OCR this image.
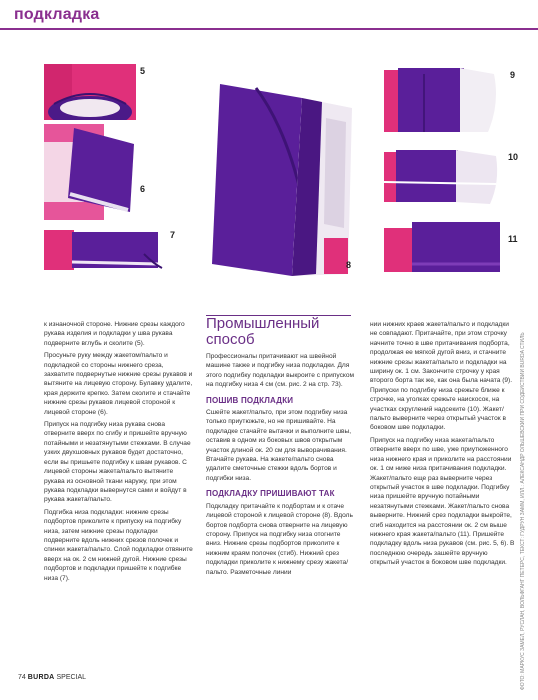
подкладка
5
6
7
8
9
10
11

к изнаночной стороне. Нижние срезы каждого рукава изделия и подкладки у шва рукава подверните вглубь и сколите (5).

Просуньте руку между жакетом/пальто и подкладкой со стороны нижнего среза, захватите подвернутые нижние срезы рукавов и вытяните на лицевую сторону. Булавку удалите, края держите крепко. Затем сколите и стачайте нижние срезы рукавов лицевой стороной к лицевой стороне (6).

Припуск на подгибку низа рукава снова отверните вверх по сгибу и пришейте вручную потайными и незатянутыми стежками. В случае узких двухшовных рукавов будет достаточно, если вы пришьете подгибку к швам рукавов. С лицевой стороны жакета/пальто вытяните рукава из основной ткани наружу, при этом рукава подкладки вывернутся сами и войдут в рукава жакета/пальто.

Подгибка низа подкладки: нижние срезы подбортов приколите к припуску на подгибку низа, затем нижние срезы подкладки подверните вдоль нижних срезов полочек и спинки жакета/пальто. Слой подкладки отвяните вверх на ок. 2 см нижней дугой. Нижние срезы подбортов и подкладки пришейте к подгибке низа (7).

Промышленный способ

Профессионалы притачивают на швейной машине также и подгибку низа подкладки. Для этого подгибку подкладки выкроите с припуском на подгибку низа 4 см (см. рис. 2 на стр. 73).

ПОШИВ ПОДКЛАДКИ

Сшейте жакет/пальто, при этом подгибку низа только приутюжьте, но не пришивайте. На подкладке стачайте вытачки и выполните швы, оставив в одном из боковых швов открытым участок длиной ок. 20 см для выворачивания. Втачайте рукава. На жакете/пальто снова удалите сметочные стежки вдоль бортов и подгибки низа.

ПОДКЛАДКУ ПРИШИВАЮТ ТАК

Подкладку притачайте к подбортам и к отаче лицевой стороной к лицевой стороне (8). Вдоль бортов подборта снова отверните на лицевую сторону. Припуск на подгибку низа отогните вниз. Нижние срезы подбортов приколите к нижним краям полочек (стиб). Нижний срез подкладки приколите к нижнему срезу жакета/пальто. Разметочные линии

нии нижних краев жакета/пальто и подкладки не совпадают. Притачайте, при этом строчку начните точно в шве притачивания подборта, продолжая ее мягкой дугой вниз, и стачните нижние срезы жакета/пальто и подкладки на ширину ок. 1 см. Закончите строчку у края второго борта так же, как она была начата (9). Припуски по подгибку низа срежьте ближе к строчке, на уголках срежьте наискосок, на участках скруглений надсеките (10). Жакет/пальто выверните через открытый участок в боковом шве подкладки.

Припуск на подгибку низа жакета/пальто отверните вверх по шве, уже приутюженного низа нижнего края и приколите на расстоянии ок. 1 см ниже низа притачивания подкладки. Жакет/пальто еще раз выверните через открытый участок в шве подкладки. Подгибку низа пришейте вручную потайными незатянутыми стежками. Жакет/пальто снова выверните. Нижний срез подкладки выкройте, сгиб находится на расстоянии ок. 2 см выше нижнего края жакета/пальто (11). Пришейте подкладку вдоль низа рукавов (см. рис. 5, 6). В последнюю очередь зашейте вручную открытый участок в боковом шве подкладки.	ФОТО: МАРКУС ЗАМЕЛ, РУСЛАН, ВОЛЬФГАНГ ПЕТЕРС, ТЕКСТ: ГУДРУН ЗАММ, ИЛЛ.: АЛЕКСАНДР ОЛЬШЕВСКИЙ ПРИ СОДЕЙСТВИИ BURDA СТИЛЬ
74 BURDA SPECIAL
